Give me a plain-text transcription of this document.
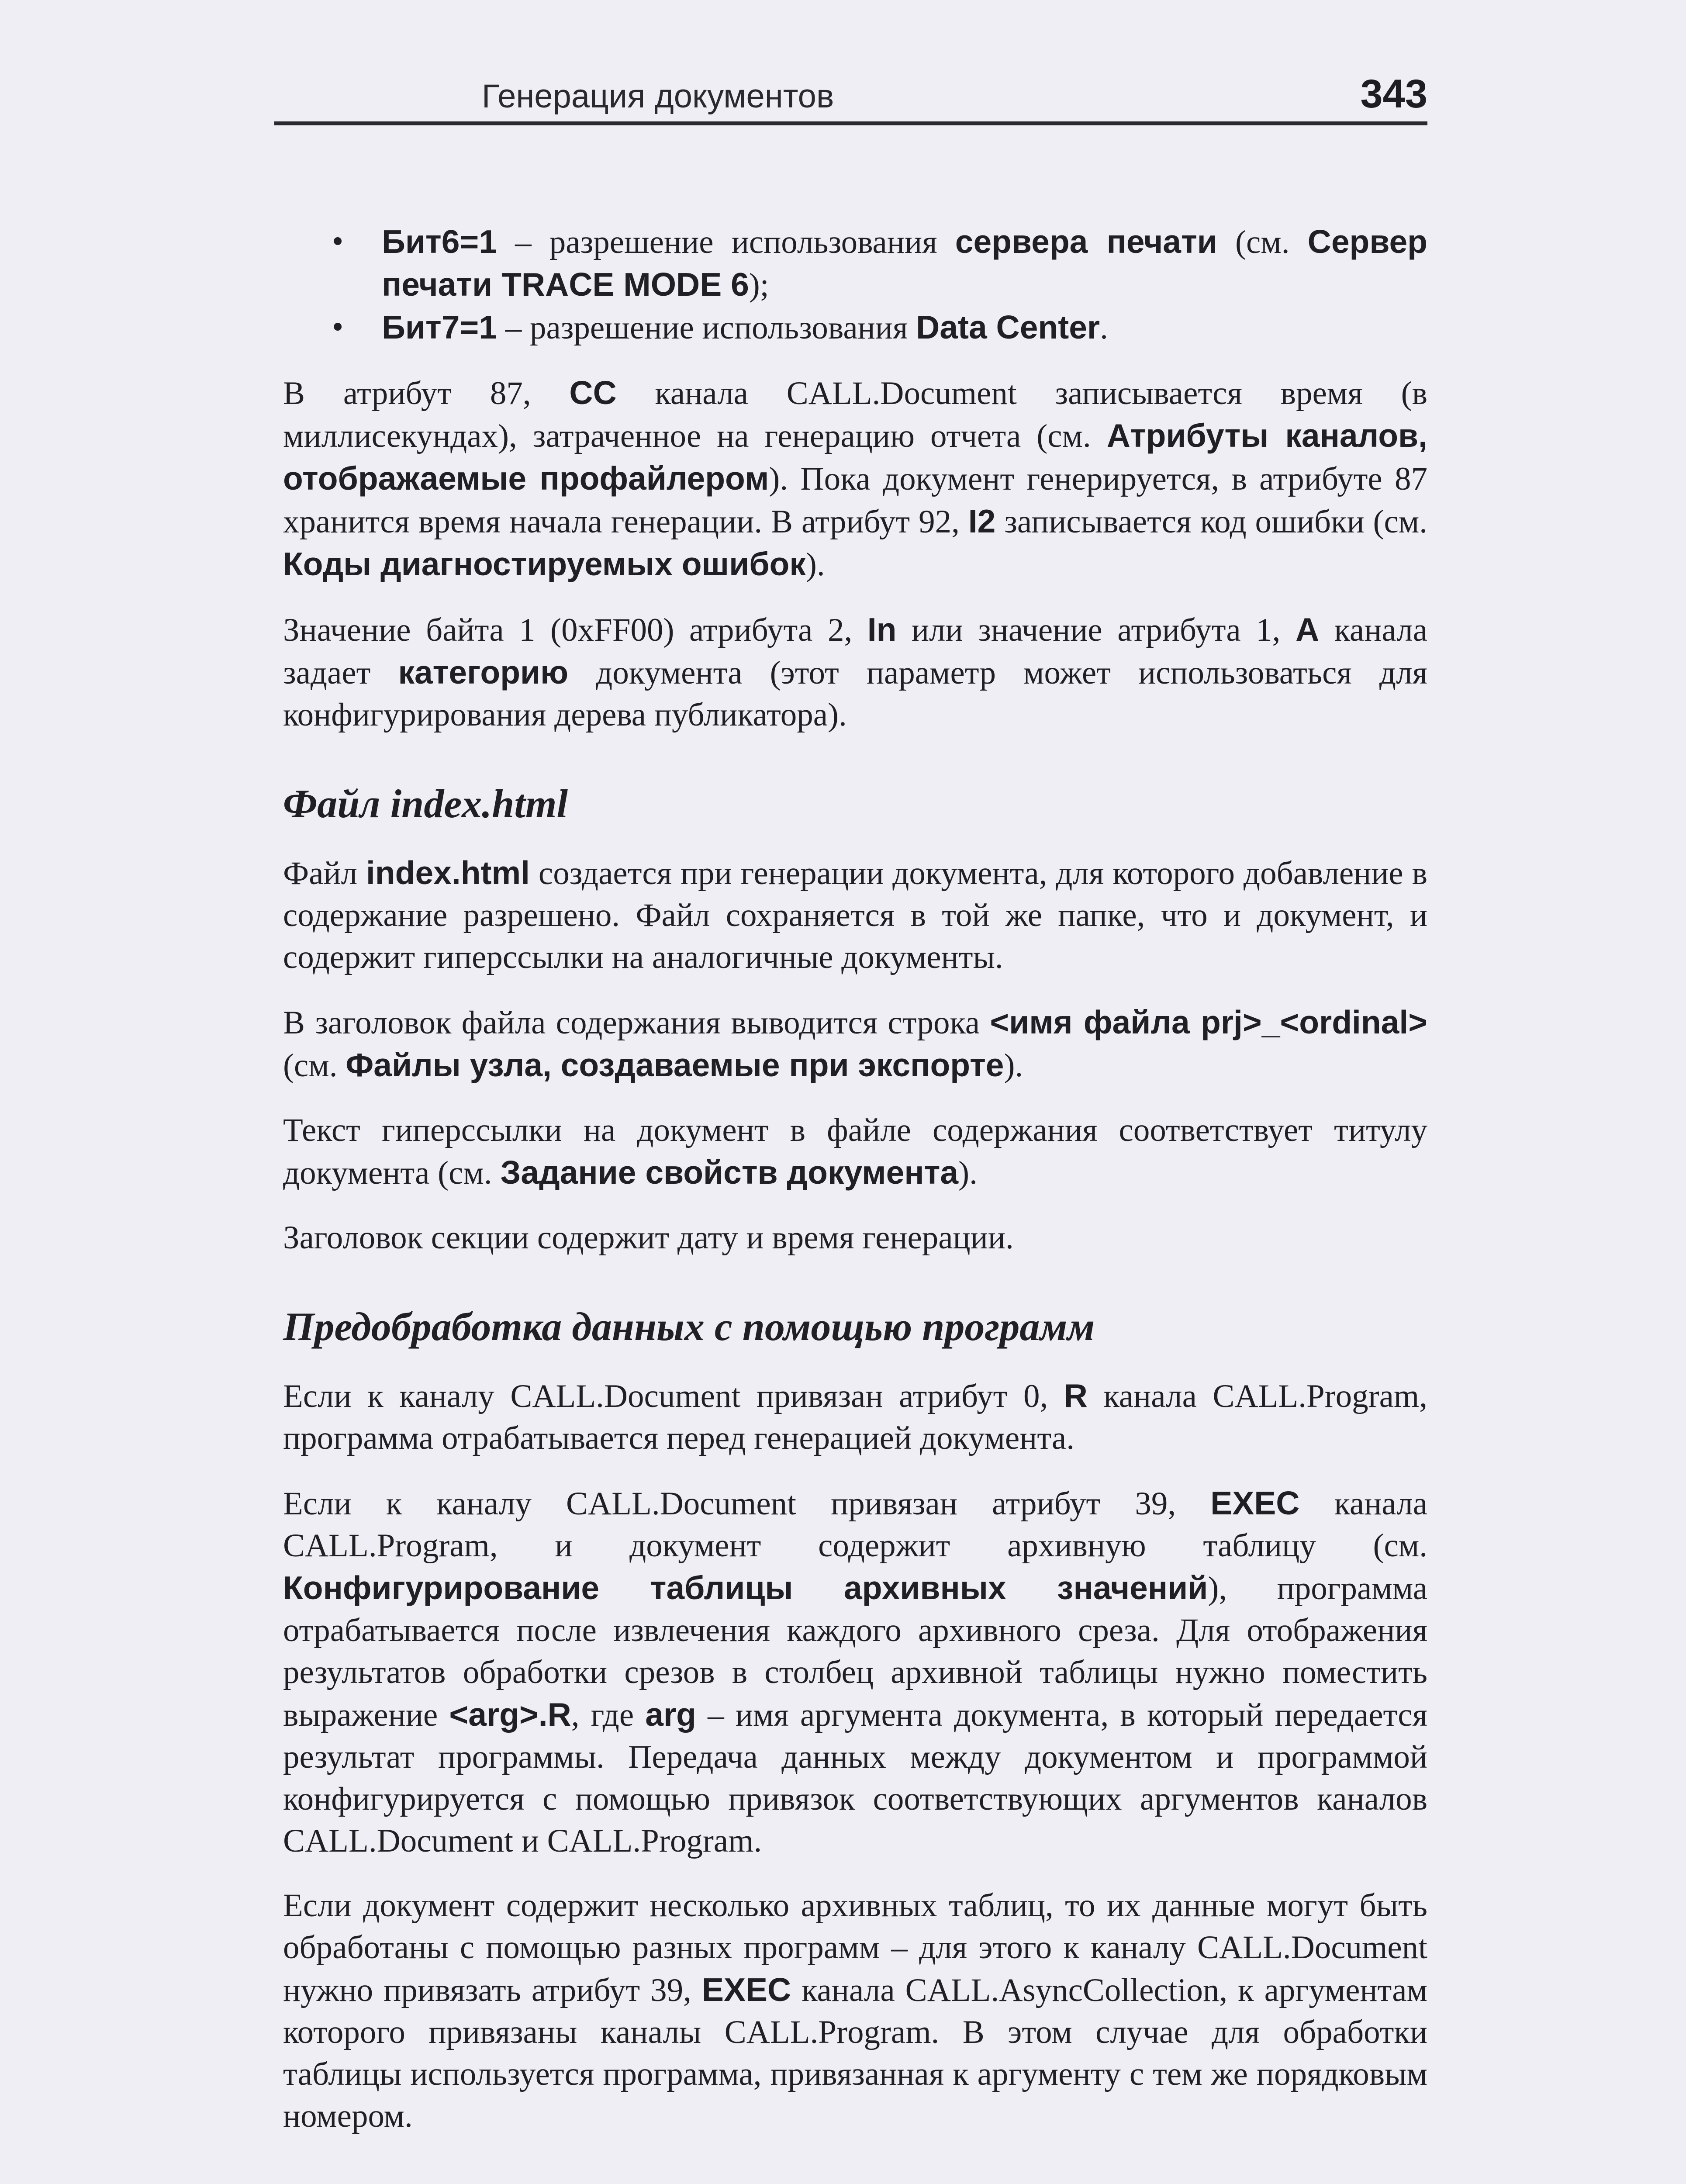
Генерация документов	343
• Бит6=1 – разрешение использования сервера печати (см. Сервер печати TRACE MODE 6);
• Бит7=1 – разрешение использования Data Center.

В атрибут 87, CC канала CALL.Document записывается время (в миллисекундах), затраченное на генерацию отчета (см. Атрибуты каналов, отображаемые профайлером). Пока документ генерируется, в атрибуте 87 хранится время начала генерации. В атрибут 92, I2 записывается код ошибки (см. Коды диагностируемых ошибок).

Значение байта 1 (0xFF00) атрибута 2, In или значение атрибута 1, A канала задает категорию документа (этот параметр может использоваться для конфигурирования дерева публикатора).

Файл index.html

Файл index.html создается при генерации документа, для которого добавление в содержание разрешено. Файл сохраняется в той же папке, что и документ, и содержит гиперссылки на аналогичные документы.

В заголовок файла содержания выводится строка <имя файла prj>_<ordinal> (см. Файлы узла, создаваемые при экспорте).

Текст гиперссылки на документ в файле содержания соответствует титулу документа (см. Задание свойств документа).

Заголовок секции содержит дату и время генерации.

Предобработка данных с помощью программ

Если к каналу CALL.Document привязан атрибут 0, R канала CALL.Program, программа отрабатывается перед генерацией документа.

Если к каналу CALL.Document привязан атрибут 39, EXEC канала CALL.Program, и документ содержит архивную таблицу (см. Конфигурирование таблицы архивных значений), программа отрабатывается после извлечения каждого архивного среза. Для отображения результатов обработки срезов в столбец архивной таблицы нужно поместить выражение <arg>.R, где arg – имя аргумента документа, в который передается результат программы. Передача данных между документом и программой конфигурируется с помощью привязок соответствующих аргументов каналов CALL.Document и CALL.Program.

Если документ содержит несколько архивных таблиц, то их данные могут быть обработаны с помощью разных программ – для этого к каналу CALL.Document нужно привязать атрибут 39, EXEC канала CALL.AsyncCollection, к аргументам которого привязаны каналы CALL.Program. В этом случае для обработки таблицы используется программа, привязанная к аргументу с тем же порядковым номером.
